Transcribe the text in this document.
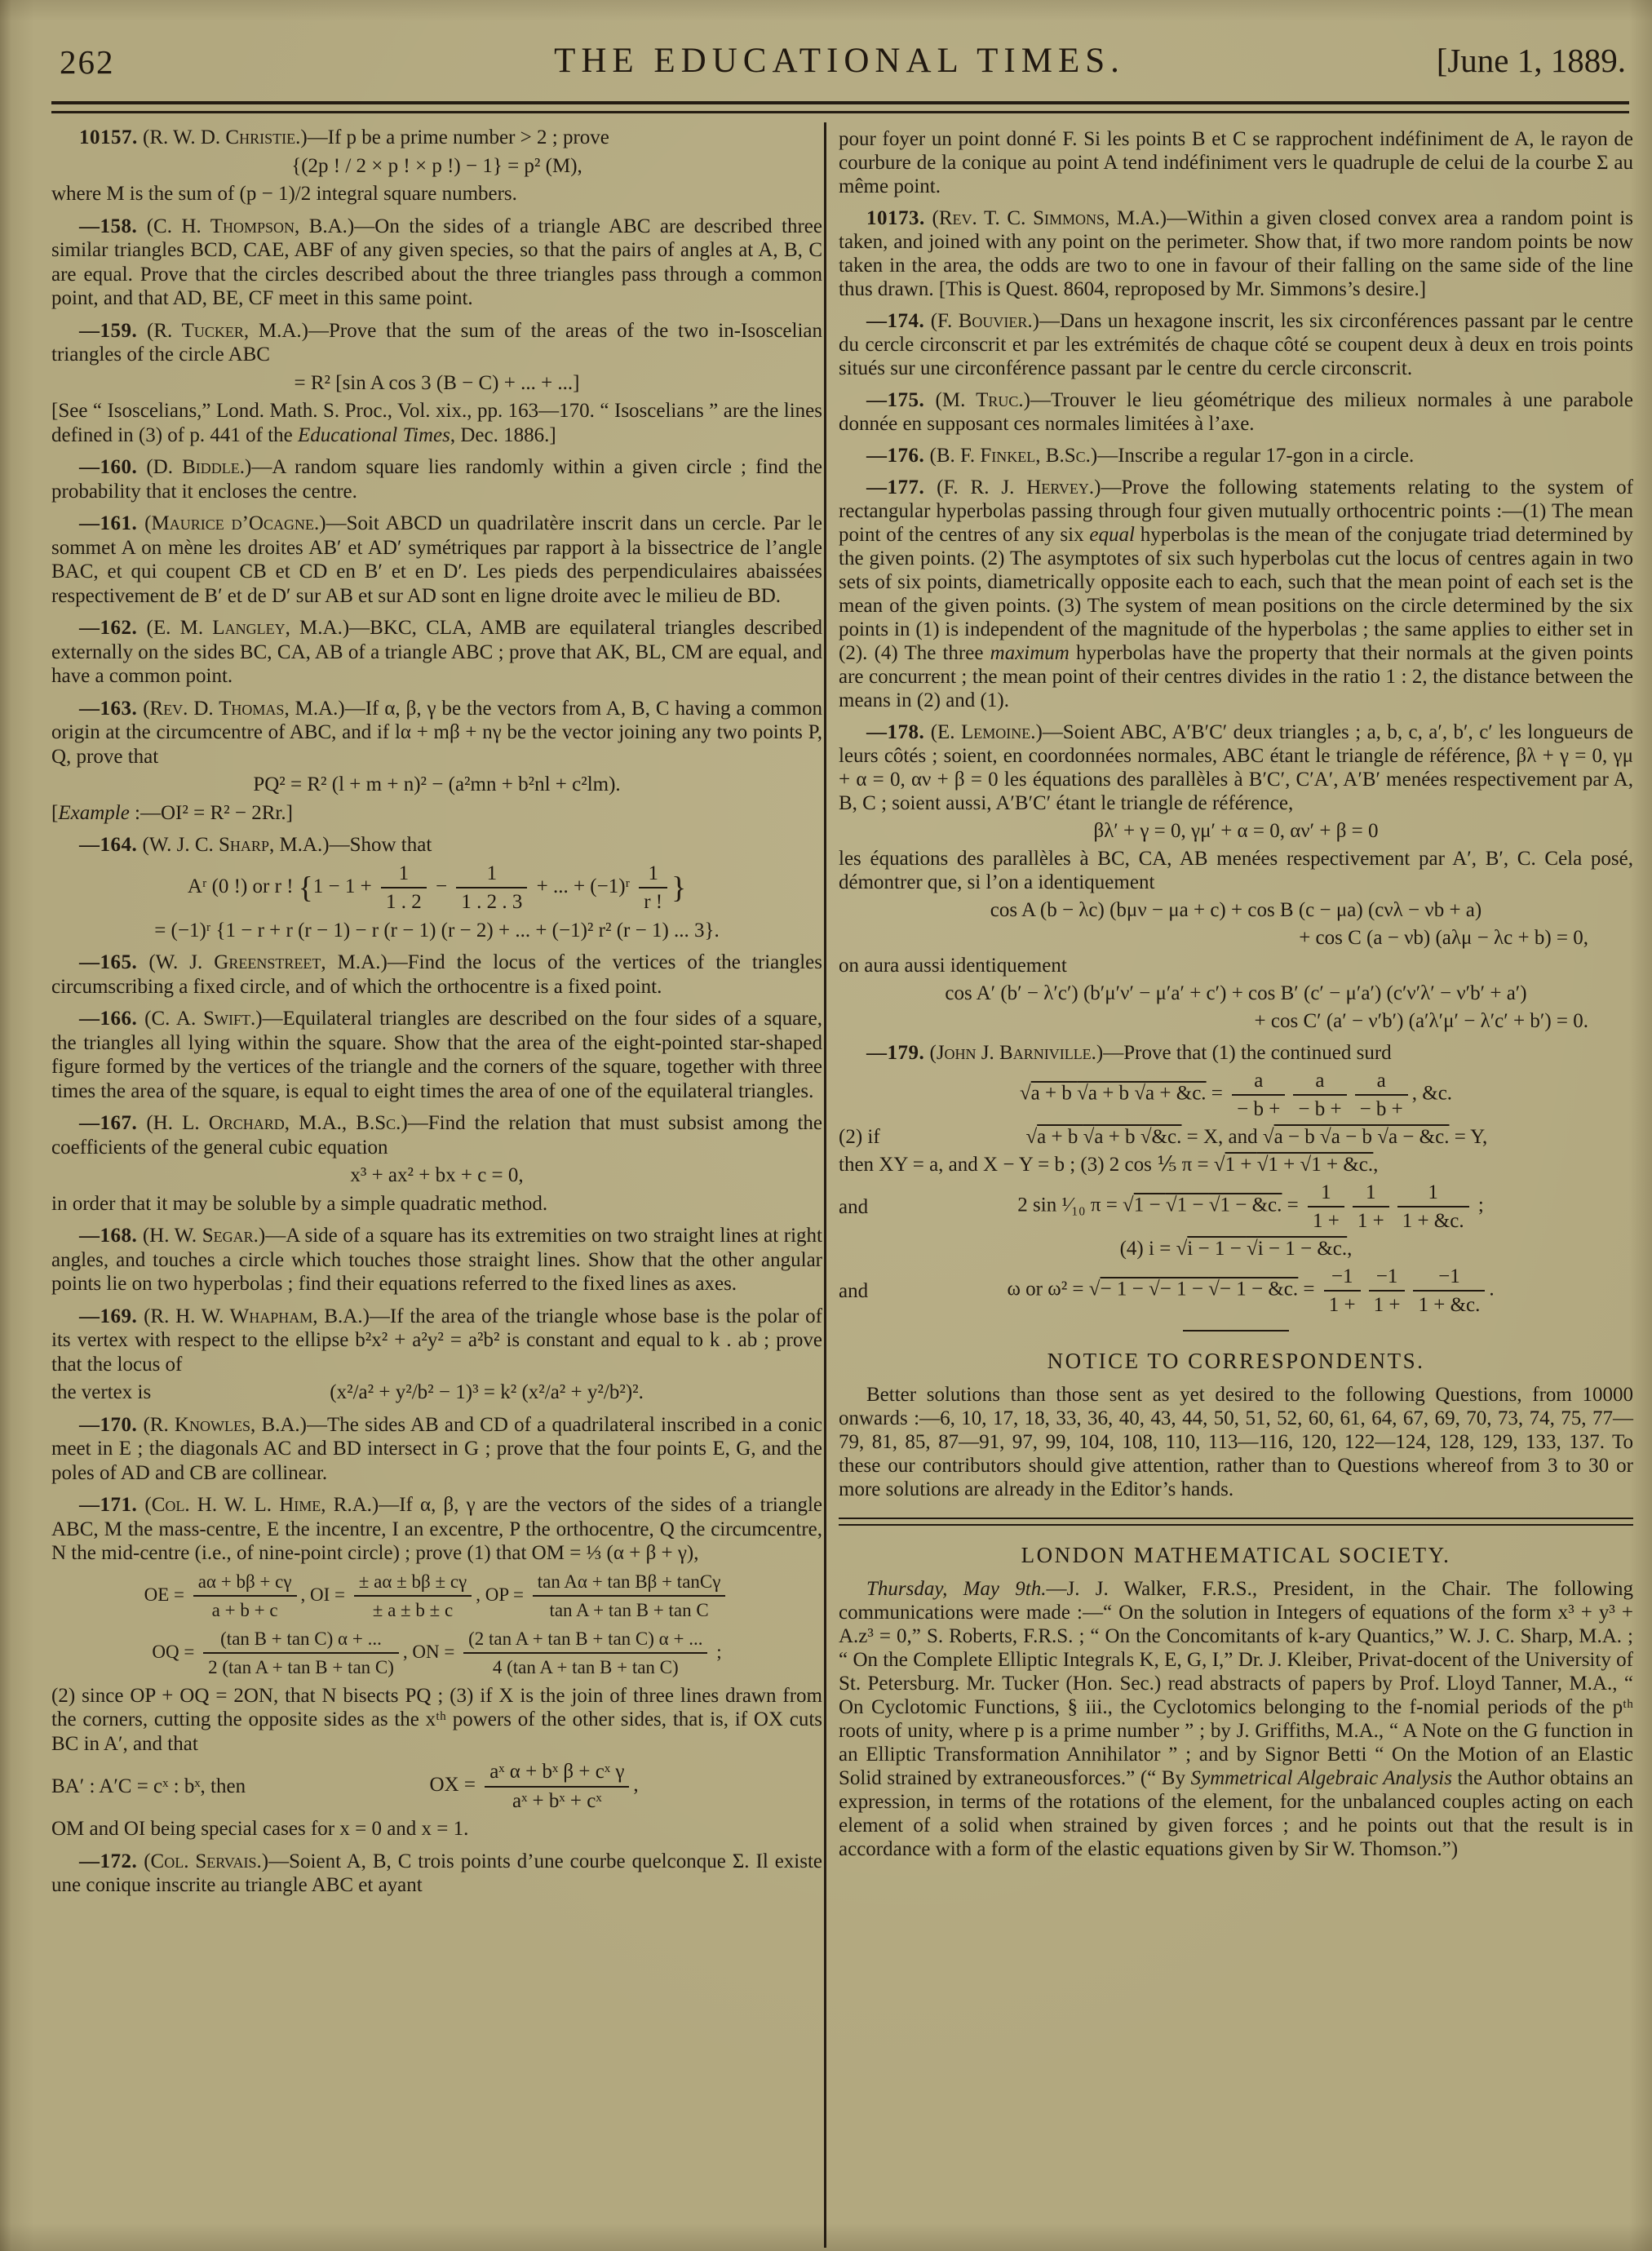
262	THE EDUCATIONAL TIMES.	[June 1, 1889.

10157. (R. W. D. Christie.)—If p be a prime number > 2 ; prove

{(2p ! / 2 × p ! × p !) − 1} = p² (M),

where M is the sum of (p − 1)/2 integral square numbers.

—158. (C. H. Thompson, B.A.)—On the sides of a triangle ABC are described three similar triangles BCD, CAE, ABF of any given species, so that the pairs of angles at A, B, C are equal. Prove that the circles described about the three triangles pass through a common point, and that AD, BE, CF meet in this same point.

—159. (R. Tucker, M.A.)—Prove that the sum of the areas of the two in-Isoscelian triangles of the circle ABC

= R² [sin A cos 3 (B − C) + ... + ...]

[See “ Isoscelians,” Lond. Math. S. Proc., Vol. xix., pp. 163—170. “ Isoscelians ” are the lines defined in (3) of p. 441 of the Educational Times, Dec. 1886.]

—160. (D. Biddle.)—A random square lies randomly within a given circle ; find the probability that it encloses the centre.

—161. (Maurice d’Ocagne.)—Soit ABCD un quadrilatère inscrit dans un cercle. Par le sommet A on mène les droites AB′ et AD′ symétriques par rapport à la bissectrice de l’angle BAC, et qui coupent CB et CD en B′ et en D′. Les pieds des perpendiculaires abaissées respectivement de B′ et de D′ sur AB et sur AD sont en ligne droite avec le milieu de BD.

—162. (E. M. Langley, M.A.)—BKC, CLA, AMB are equilateral triangles described externally on the sides BC, CA, AB of a triangle ABC ; prove that AK, BL, CM are equal, and have a common point.

—163. (Rev. D. Thomas, M.A.)—If α, β, γ be the vectors from A, B, C having a common origin at the circumcentre of ABC, and if lα + mβ + nγ be the vector joining any two points P, Q, prove that

PQ² = R² (l + m + n)² − (a²mn + b²nl + c²lm).

[Example :—OI² = R² − 2Rr.]

—164. (W. J. C. Sharp, M.A.)—Show that

Aʳ (0 !) or r ! {$1 - 1 + \frac{1}{1 . 2} - \frac{1}{1 . 2 . 3}$ + ... + (−1)ʳ $\frac{1}{r !}$ }
= (−1)ʳ {1 − r + r (r − 1) − r (r − 1) (r − 2) + ... + (−1)² r² (r − 1) ... 3}.

—165. (W. J. Greenstreet, M.A.)—Find the locus of the vertices of the triangles circumscribing a fixed circle, and of which the orthocentre is a fixed point.

—166. (C. A. Swift.)—Equilateral triangles are described on the four sides of a square, the triangles all lying within the square. Show that the area of the eight-pointed star-shaped figure formed by the vertices of the triangle and the corners of the square, together with three times the area of the square, is equal to eight times the area of one of the equilateral triangles.

—167. (H. L. Orchard, M.A., B.Sc.)—Find the relation that must subsist among the coefficients of the general cubic equation

x³ + ax² + bx + c = 0,

in order that it may be soluble by a simple quadratic method.

—168. (H. W. Segar.)—A side of a square has its extremities on two straight lines at right angles, and touches a circle which touches those straight lines. Show that the other angular points lie on two hyperbolas ; find their equations referred to the fixed lines as axes.

—169. (R. H. W. Whapham, B.A.)—If the area of the triangle whose base is the polar of its vertex with respect to the ellipse b²x² + a²y² = a²b² is constant and equal to k . ab ; prove that the locus of

the vertex is	(x²/a² + y²/b² − 1)³ = k² (x²/a² + y²/b²)².

—170. (R. Knowles, B.A.)—The sides AB and CD of a quadrilateral inscribed in a conic meet in E ; the diagonals AC and BD intersect in G ; prove that the four points E, G, and the poles of AD and CB are collinear.

—171. (Col. H. W. L. Hime, R.A.)—If α, β, γ are the vectors of the sides of a triangle ABC, M the mass-centre, E the incentre, I an excentre, P the orthocentre, Q the circumcentre, N the mid-centre (i.e., of nine-point circle) ; prove (1) that OM = ⅓ (α + β + γ),

OE = $\frac{a\alpha + b\beta + c\gamma}{a + b + c}$ , OI = $\frac{\pm a\alpha \pm b\beta \pm c\gamma}{\pm a \pm b \pm c}$ , OP = $\frac{\text{tan Aα + tan Bβ + tanCγ}}{\text{tan A + tan B + tan C}}$
OQ = $\frac{\text{(tan B + tan C) α + ...}}{\text{2 (tan A + tan B + tan C)}}$ , ON = $\frac{\text{(2 tan A + tan B + tan C) α + ...}}{\text{4 (tan A + tan B + tan C)}}$ ;

(2) since OP + OQ = 2ON, that N bisects PQ ; (3) if X is the join of three lines drawn from the corners, cutting the opposite sides as the xᵗʰ powers of the other sides, that is, if OX cuts BC in A′, and that

BA′ : A′C = cˣ : bˣ, then	OX = $\frac{\text{aˣ α + bˣ β + cˣ γ}}{\text{aˣ + bˣ + cˣ}}$ ,

OM and OI being special cases for x = 0 and x = 1.

—172. (Col. Servais.)—Soient A, B, C trois points d’une courbe quelconque Σ. Il existe une conique inscrite au triangle ABC et ayant

pour foyer un point donné F. Si les points B et C se rapprochent indéfiniment de A, le rayon de courbure de la conique au point A tend indéfiniment vers le quadruple de celui de la courbe Σ au même point.

10173. (Rev. T. C. Simmons, M.A.)—Within a given closed convex area a random point is taken, and joined with any point on the perimeter. Show that, if two more random points be now taken in the area, the odds are two to one in favour of their falling on the same side of the line thus drawn. [This is Quest. 8604, reproposed by Mr. Simmons’s desire.]

—174. (F. Bouvier.)—Dans un hexagone inscrit, les six circonférences passant par le centre du cercle circonscrit et par les extrémités de chaque côté se coupent deux à deux en trois points situés sur une circonférence passant par le centre du cercle circonscrit.

—175. (M. Truc.)—Trouver le lieu géométrique des milieux normales à une parabole donnée en supposant ces normales limitées à l’axe.

—176. (B. F. Finkel, B.Sc.)—Inscribe a regular 17-gon in a circle.

—177. (F. R. J. Hervey.)—Prove the following statements relating to the system of rectangular hyperbolas passing through four given mutually orthocentric points :—(1) The mean point of the centres of any six equal hyperbolas is the mean of the conjugate triad determined by the given points. (2) The asymptotes of six such hyperbolas cut the locus of centres again in two sets of six points, diametrically opposite each to each, such that the mean point of each set is the mean of the given points. (3) The system of mean positions on the circle determined by the six points in (1) is independent of the magnitude of the hyperbolas ; the same applies to either set in (2). (4) The three maximum hyperbolas have the property that their normals at the given points are concurrent ; the mean point of their centres divides in the ratio 1 : 2, the distance between the means in (2) and (1).

—178. (E. Lemoine.)—Soient ABC, A′B′C′ deux triangles ; a, b, c, a′, b′, c′ les longueurs de leurs côtés ; soient, en coordonnées normales, ABC étant le triangle de référence, βλ + γ = 0, γμ + α = 0, αν + β = 0 les équations des parallèles à B′C′, C′A′, A′B′ menées respectivement par A, B, C ; soient aussi, A′B′C′ étant le triangle de référence,

βλ′ + γ = 0, γμ′ + α = 0, αν′ + β = 0

les équations des parallèles à BC, CA, AB menées respectivement par A′, B′, C. Cela posé, démontrer que, si l’on a identiquement

cos A (b − λc) (bμν − μa + c) + cos B (c − μa) (cνλ − νb + a)
+ cos C (a − νb) (aλμ − λc + b) = 0,

on aura aussi identiquement

cos A′ (b′ − λ′c′) (b′μ′ν′ − μ′a′ + c′) + cos B′ (c′ − μ′a′) (c′ν′λ′ − ν′b′ + a′)
+ cos C′ (a′ − ν′b′) (a′λ′μ′ − λ′c′ + b′) = 0.

—179. (John J. Barniville.)—Prove that (1) the continued surd

√a + b √a + b √a + &c. = $\frac{a}{- b +} \frac{a}{- b +} \frac{a}{- b +}$ , &c.
(2) if	√a + b √a + b √&c. = X, and √a − b √a − b √a − &c. = Y,

then XY = a, and X − Y = b ; (3) 2 cos ⅕ π = √1 + √1 + √1 + &c.,

and	2 sin ¹⁄₁₀ π = √1 − √1 − √1 − &c. = $\frac{1}{1 +} \frac{1}{1 +} \frac{1}{1 + \&c.}$ ;
(4) i = √i − 1 − √i − 1 − &c.,
and	ω or ω² = √− 1 − √− 1 − √− 1 − &c. = $\frac{-1}{1 +} \frac{-1}{1 +} \frac{-1}{1 + \&c.}$ .
NOTICE TO CORRESPONDENTS.

Better solutions than those sent as yet desired to the following Questions, from 10000 onwards :—6, 10, 17, 18, 33, 36, 40, 43, 44, 50, 51, 52, 60, 61, 64, 67, 69, 70, 73, 74, 75, 77—79, 81, 85, 87—91, 97, 99, 104, 108, 110, 113—116, 120, 122—124, 128, 129, 133, 137. To these our contributors should give attention, rather than to Questions whereof from 3 to 30 or more solutions are already in the Editor’s hands.

LONDON MATHEMATICAL SOCIETY.

Thursday, May 9th.—J. J. Walker, F.R.S., President, in the Chair. The following communications were made :—“ On the solution in Integers of equations of the form x³ + y³ + A.z³ = 0,” S. Roberts, F.R.S. ; “ On the Concomitants of k-ary Quantics,” W. J. C. Sharp, M.A. ; “ On the Complete Elliptic Integrals K, E, G, I,” Dr. J. Kleiber, Privat-docent of the University of St. Petersburg. Mr. Tucker (Hon. Sec.) read abstracts of papers by Prof. Lloyd Tanner, M.A., “ On Cyclotomic Functions, § iii., the Cyclotomics belonging to the f-nomial periods of the pᵗʰ roots of unity, where p is a prime number ” ; by J. Griffiths, M.A., “ A Note on the G function in an Elliptic Transformation Annihilator ” ; and by Signor Betti “ On the Motion of an Elastic Solid strained by extraneousforces.” (“ By Symmetrical Algebraic Analysis the Author obtains an expression, in terms of the rotations of the element, for the unbalanced couples acting on each element of a solid when strained by given forces ; and he points out that the result is in accordance with a form of the elastic equations given by Sir W. Thomson.”)
